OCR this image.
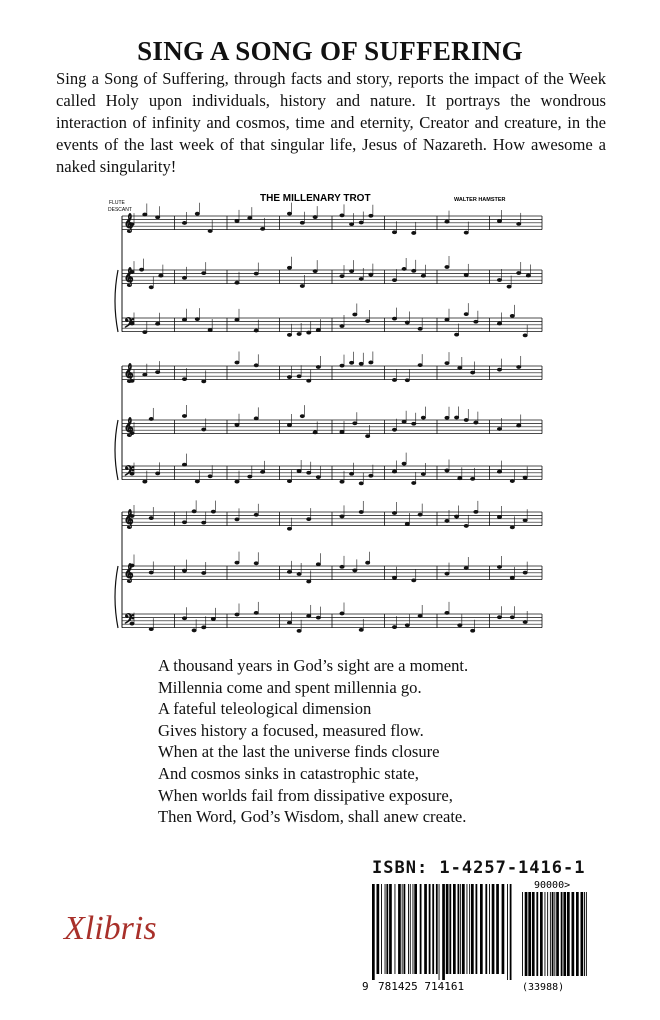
SING A SONG OF SUFFERING

Sing a Song of Suffering, through facts and story, reports the impact of the Week called Holy upon individuals, history and nature. It portrays the wondrous interaction of infinity and cosmos, time and eternity, Creator and creature, in the events of the last week of that singular life, Jesus of Nazareth. How awesome a naked singularity!

THE MILLENARY TROT	WALTER HAMSTER
FLUTE
DESCANT
𝄞
𝄞
𝄢
𝄞
𝄞
𝄢
𝄞
𝄞
𝄢
A thousand years in God’s sight are a moment.
Millennia come and spent millennia go.
A fateful teleological dimension
Gives history a focused, measured flow.
When at the last the universe finds closure
And cosmos sinks in catastrophic state,
When worlds fail from dissipative exposure,
Then Word, God’s Wisdom, shall anew create.
ISBN: 1-4257-1416-1
9 781425 714161
90000>
(33988)
Xlibris
